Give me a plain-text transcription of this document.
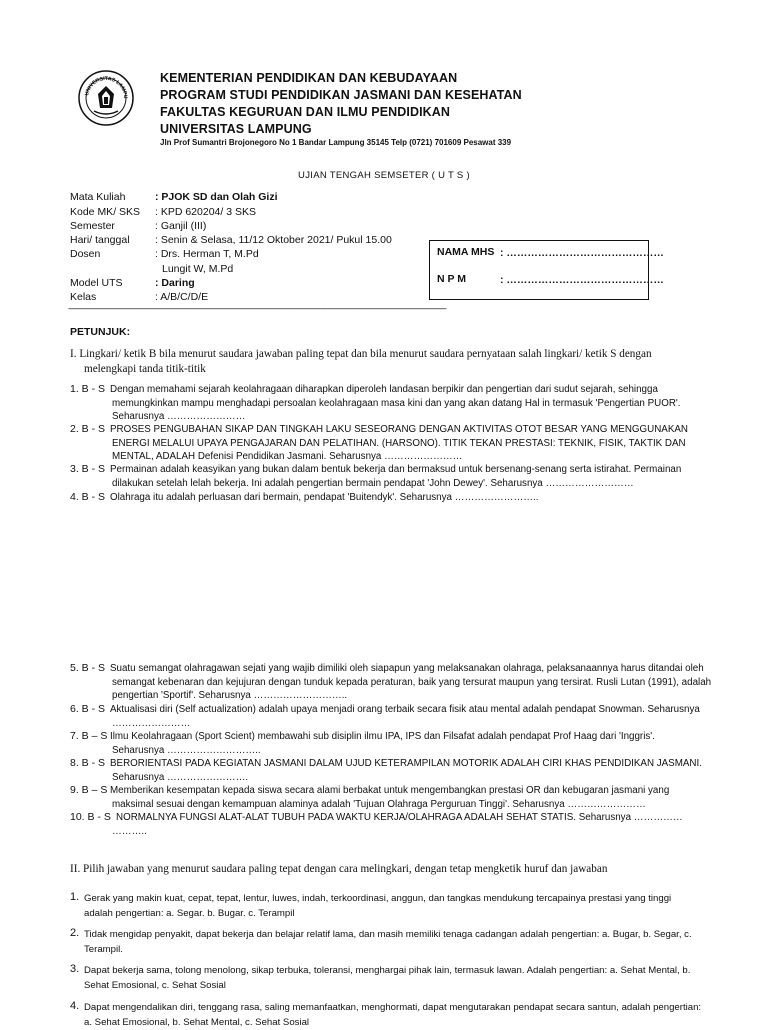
UNIVERSITAS LAMPU
KEMENTERIAN PENDIDIKAN DAN KEBUDAYAAN
PROGRAM STUDI PENDIDIKAN JASMANI DAN KESEHATAN
FAKULTAS KEGURUAN DAN ILMU PENDIDIKAN
UNIVERSITAS LAMPUNG
Jln Prof Sumantri Brojonegoro No 1 Bandar Lampung 35145 Telp (0721) 701609 Pesawat 339
UJIAN TENGAH SEMSETER ( U T S )
Mata Kuliah	: PJOK SD dan Olah Gizi
Kode MK/ SKS : KPD 620204/ 3 SKS
Semester	: Ganjil (III)
Hari/ tanggal : Senin & Selasa, 11/12 Oktober 2021/ Pukul 15.00
Dosen	: Drs. Herman T, M.Pd
Lungit W, M.Pd
Model UTS	: Daring
Kelas	: A/B/C/D/E
NAMA MHS : ………………………………………
N P M	: ………………………………………
-----------------------------------------------------------------------------------------------------------------------------------------------------------------------------------------------------------------------------------
PETUNJUK:
I. Lingkari/ ketik B bila menurut saudara jawaban paling tepat dan bila menurut saudara pernyataan salah lingkari/ ketik S dengan
melengkapi tanda titik-titik
1. B - S Dengan memahami sejarah keolahragaan diharapkan diperoleh landasan berpikir dan pengertian dari sudut sejarah, sehingga
memungkinkan mampu menghadapi persoalan keolahragaan masa kini dan yang akan datang Hal in termasuk 'Pengertian PUOR'.
Seharusnya ……………………
2. B - S PROSES PENGUBAHAN SIKAP DAN TINGKAH LAKU SESEORANG DENGAN AKTIVITAS OTOT BESAR YANG MENGGUNAKAN
ENERGI MELALUI UPAYA PENGAJARAN DAN PELATIHAN. (HARSONO). TITIK TEKAN PRESTASI: TEKNIK, FISIK, TAKTIK DAN
MENTAL, ADALAH Defenisi Pendidikan Jasmani. Seharusnya ……………………
3. B - S Permainan adalah keasyikan yang bukan dalam bentuk bekerja dan bermaksud untuk bersenang-senang serta istirahat. Permainan
dilakukan setelah lelah bekerja. Ini adalah pengertian bermain pendapat 'John Dewey'. Seharusnya ………………………
4. B - S Olahraga itu adalah perluasan dari bermain, pendapat 'Buitendyk'. Seharusnya ……………………..
5. B - S Suatu semangat olahragawan sejati yang wajib dimiliki oleh siapapun yang melaksanakan olahraga, pelaksanaannya harus ditandai oleh
semangat kebenaran dan kejujuran dengan tunduk kepada peraturan, baik yang tersurat maupun yang tersirat. Rusli Lutan (1991), adalah
pengertian 'Sportif'. Seharusnya ………………………..
6. B - S Aktualisasi diri (Self actualization) adalah upaya menjadi orang terbaik secara fisik atau mental adalah pendapat Snowman. Seharusnya
……………………
7. B – S Ilmu Keolahragaan (Sport Scient) membawahi sub disiplin ilmu IPA, IPS dan Filsafat adalah pendapat Prof Haag dari 'Inggris'.
Seharusnya ………………………..
8. B - S BERORIENTASI PADA KEGIATAN JASMANI DALAM UJUD KETERAMPILAN MOTORIK ADALAH CIRI KHAS PENDIDIKAN JASMANI.
Seharusnya …………………….
9. B – S Memberikan kesempatan kepada siswa secara alami berbakat untuk mengembangkan prestasi OR dan kebugaran jasmani yang
maksimal sesuai dengan kemampuan alaminya adalah 'Tujuan Olahraga Perguruan Tinggi'. Seharusnya ……………………
10. B - S NORMALNYA FUNGSI ALAT-ALAT TUBUH PADA WAKTU KERJA/OLAHRAGA ADALAH SEHAT STATIS. Seharusnya ……………
………..
II. Pilih jawaban yang menurut saudara paling tepat dengan cara melingkari, dengan tetap mengketik huruf dan jawaban
1. Gerak yang makin kuat, cepat, tepat, lentur, luwes, indah, terkoordinasi, anggun, dan tangkas mendukung tercapainya prestasi yang tinggi
adalah pengertian: a. Segar. b. Bugar. c. Terampil
2. Tidak mengidap penyakit, dapat bekerja dan belajar relatif lama, dan masih memiliki tenaga cadangan adalah pengertian: a. Bugar, b. Segar, c.
Terampil.
3. Dapat bekerja sama, tolong menolong, sikap terbuka, toleransi, menghargai pihak lain, termasuk lawan. Adalah pengertian: a. Sehat Mental, b.
Sehat Emosional, c. Sehat Sosial
4. Dapat mengendalikan diri, tenggang rasa, saling memanfaatkan, menghormati, dapat mengutarakan pendapat secara santun, adalah pengertian:
a. Sehat Emosional, b. Sehat Mental, c. Sehat Sosial
